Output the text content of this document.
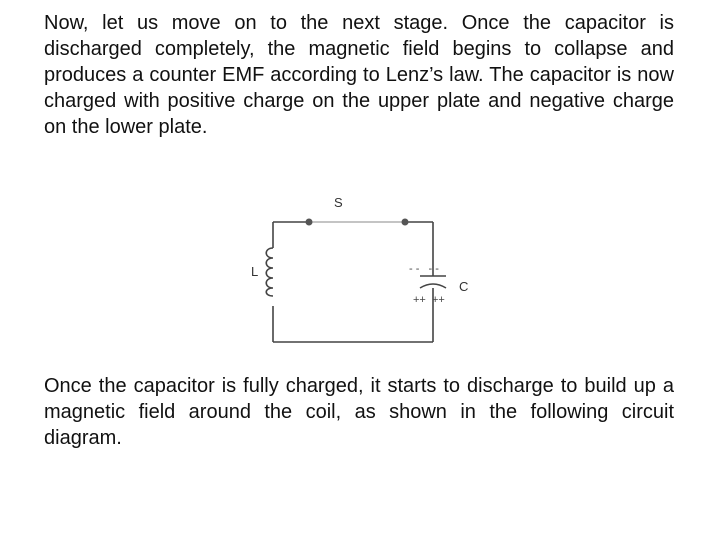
Now, let us move on to the next stage. Once the capacitor is discharged completely, the magnetic field begins to collapse and produces a counter EMF according to Lenz’s law. The capacitor is now charged with positive charge on the upper plate and negative charge on the lower plate.

S
L
C
- -   - -
++  ++

Once the capacitor is fully charged, it starts to discharge to build up a magnetic field around the coil, as shown in the following circuit diagram.
